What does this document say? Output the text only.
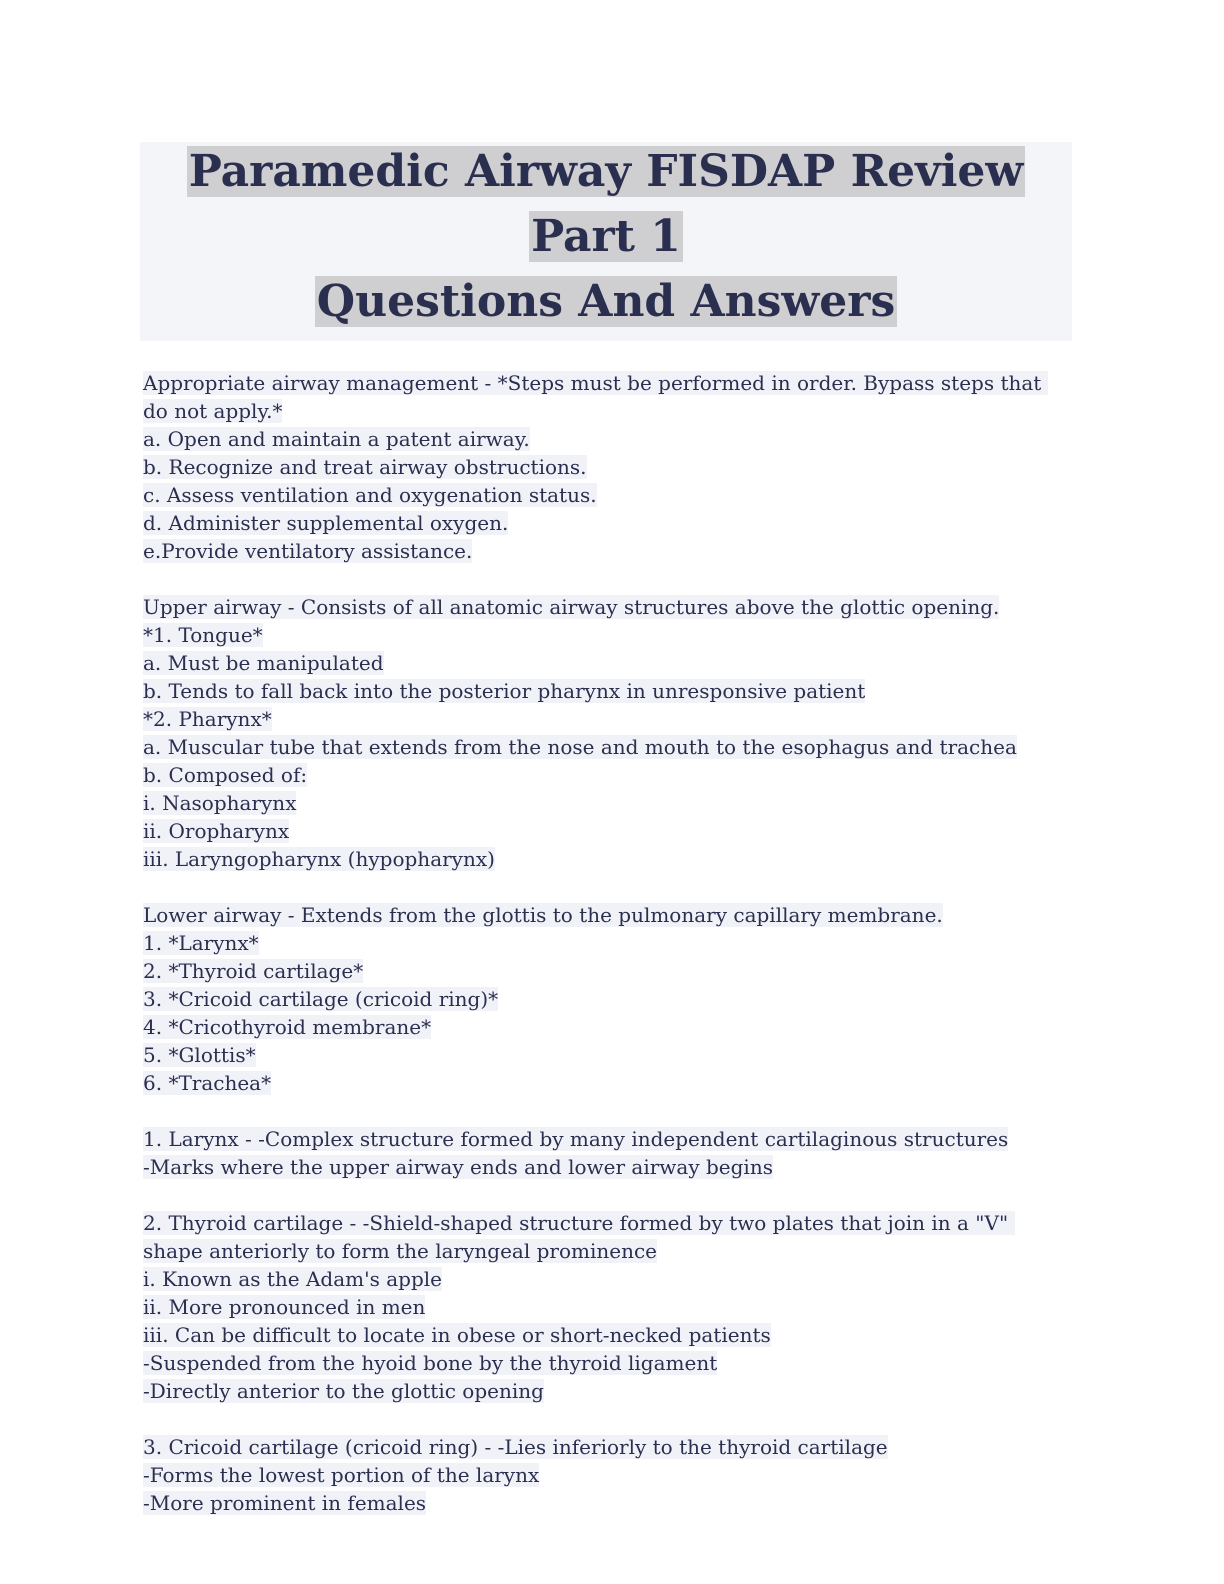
Paramedic Airway FISDAP Review Part 1
Questions And Answers
Appropriate airway management - *Steps must be performed in order. Bypass steps that do not apply.*
a. Open and maintain a patent airway.
b. Recognize and treat airway obstructions.
c. Assess ventilation and oxygenation status.
d. Administer supplemental oxygen.
e.Provide ventilatory assistance.
Upper airway - Consists of all anatomic airway structures above the glottic opening.
*1. Tongue*
a. Must be manipulated
b. Tends to fall back into the posterior pharynx in unresponsive patient
*2. Pharynx*
a. Muscular tube that extends from the nose and mouth to the esophagus and trachea
b. Composed of:
i. Nasopharynx
ii. Oropharynx
iii. Laryngopharynx (hypopharynx)
Lower airway - Extends from the glottis to the pulmonary capillary membrane.
1. *Larynx*
2. *Thyroid cartilage*
3. *Cricoid cartilage (cricoid ring)*
4. *Cricothyroid membrane*
5. *Glottis*
6. *Trachea*
1. Larynx - -Complex structure formed by many independent cartilaginous structures
-Marks where the upper airway ends and lower airway begins
2. Thyroid cartilage - -Shield-shaped structure formed by two plates that join in a "V" shape anteriorly to form the laryngeal prominence
i. Known as the Adam's apple
ii. More pronounced in men
iii. Can be difficult to locate in obese or short-necked patients
-Suspended from the hyoid bone by the thyroid ligament
-Directly anterior to the glottic opening
3. Cricoid cartilage (cricoid ring) - -Lies inferiorly to the thyroid cartilage
-Forms the lowest portion of the larynx
-More prominent in females
